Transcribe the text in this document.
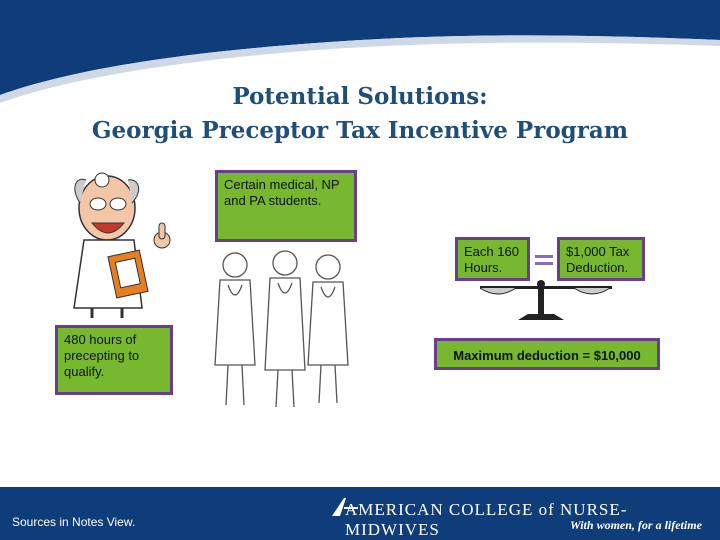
Potential Solutions:
Georgia Preceptor Tax Incentive Program
480 hours of precepting to qualify.
Certain medical, NP and PA students.
Each 160 Hours.
$1,000 Tax Deduction.
Maximum deduction = $10,000
Sources in Notes View.
AMERICAN COLLEGE of NURSE-MIDWIVES	With women, for a lifetime
